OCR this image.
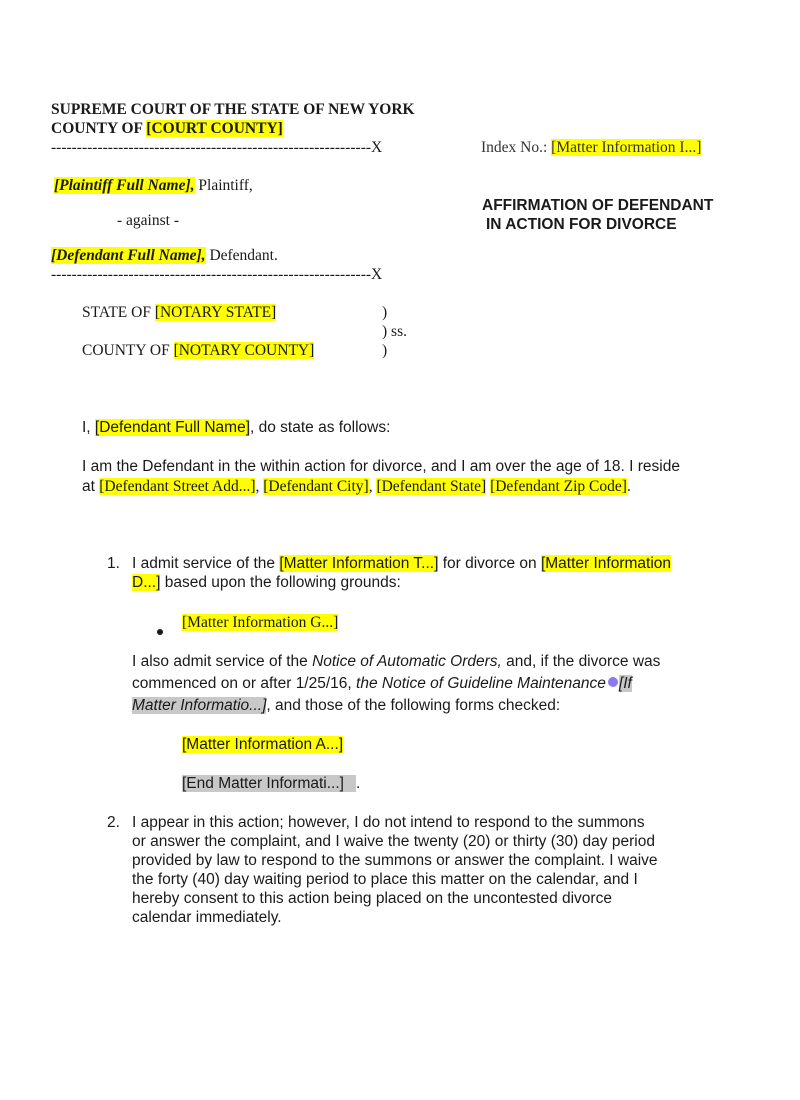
SUPREME COURT OF THE STATE OF NEW YORK
COUNTY OF [COURT COUNTY]
--------------------------------------------------------------X	Index No.: [Matter Information I...]
[Plaintiff Full Name], Plaintiff,
- against -
AFFIRMATION OF DEFENDANT
IN ACTION FOR DIVORCE
[Defendant Full Name], Defendant.
--------------------------------------------------------------X
STATE OF [NOTARY STATE]	)
) ss.
COUNTY OF [NOTARY COUNTY]	)
I, [Defendant Full Name], do state as follows:
I am the Defendant in the within action for divorce, and I am over the age of 18. I reside
at [Defendant Street Add...], [Defendant City], [Defendant State] [Defendant Zip Code].
1. I admit service of the [Matter Information T...] for divorce on [Matter Information
D...] based upon the following grounds:
[Matter Information G...]
I also admit service of the Notice of Automatic Orders, and, if the divorce was
commenced on or after 1/25/16, the Notice of Guideline Maintenance [If
Matter Informatio...], and those of the following forms checked:
[Matter Information A...]
[End Matter Informati...] .
2. I appear in this action; however, I do not intend to respond to the summons
or answer the complaint, and I waive the twenty (20) or thirty (30) day period
provided by law to respond to the summons or answer the complaint. I waive
the forty (40) day waiting period to place this matter on the calendar, and I
hereby consent to this action being placed on the uncontested divorce
calendar immediately.
